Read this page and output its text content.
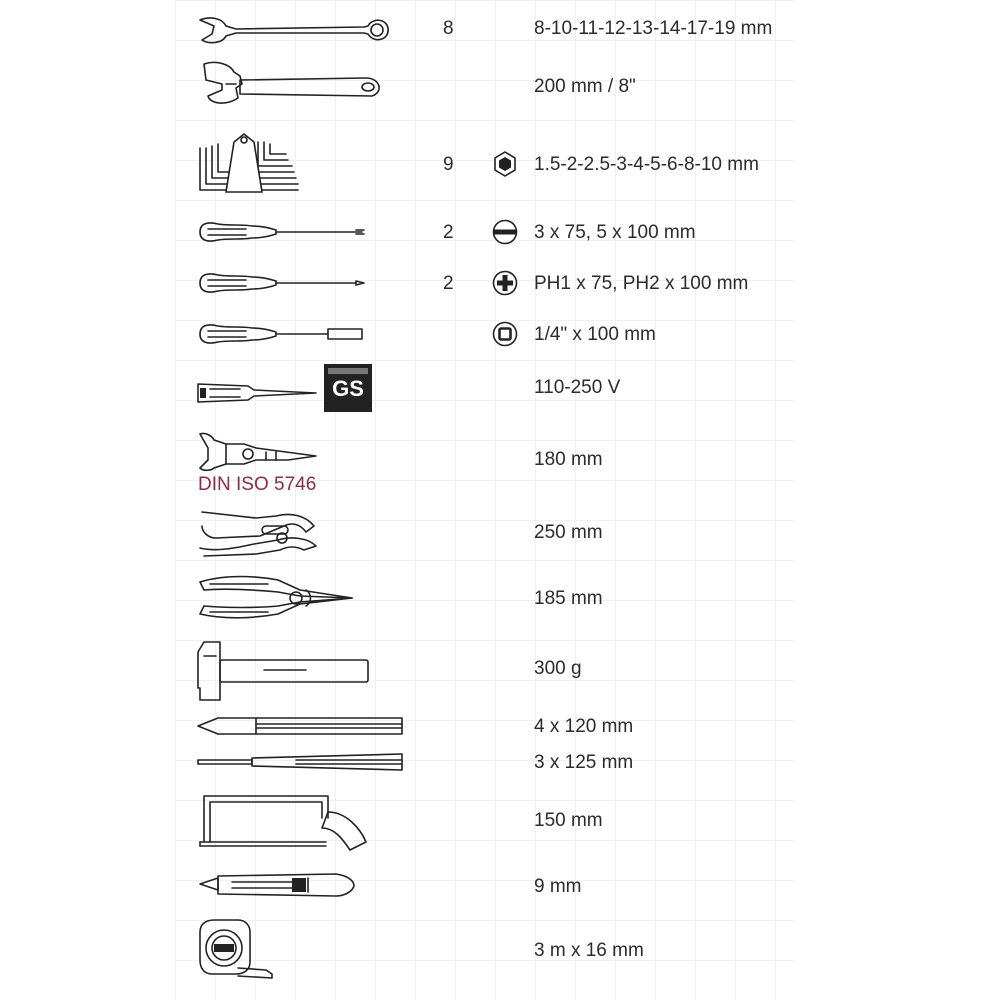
8	8-10-11-12-13-14-17-19 mm
200 mm / 8"
9	1.5-2-2.5-3-4-5-6-8-10 mm
2	3 x 75, 5 x 100 mm
2	PH1 x 75, PH2 x 100 mm
1/4" x 100 mm
GS	110-250 V
DIN ISO 5746
180 mm
250 mm
185 mm
300 g
4 x 120 mm
3 x 125 mm
150 mm
9 mm
3 m x 16 mm
